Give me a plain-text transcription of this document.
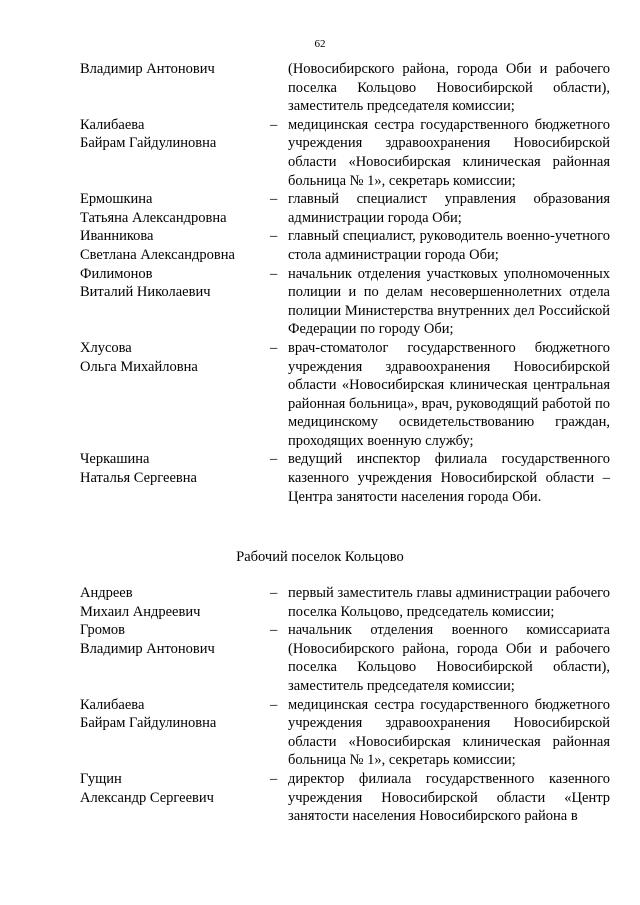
62
Владимир Антонович	(Новосибирского района, города Оби и рабочего поселка Кольцово Новосибирской области), заместитель председателя комиссии;
Калибаева
Байрам Гайдулиновна
– медицинская сестра государственного бюджетного учреждения здравоохранения Новосибирской области «Новосибирская клиническая районная больница № 1», секретарь комиссии;
Ермошкина
Татьяна Александровна
– главный специалист управления образования администрации города Оби;
Иванникова
Светлана Александровна
– главный специалист, руководитель военно-учетного стола администрации города Оби;
Филимонов
Виталий Николаевич
– начальник отделения участковых уполномоченных полиции и по делам несовершеннолетних отдела полиции Министерства внутренних дел Российской Федерации по городу Оби;
Хлусова
Ольга Михайловна
– врач-стоматолог государственного бюджетного учреждения здравоохранения Новосибирской области «Новосибирская клиническая центральная районная больница», врач, руководящий работой по медицинскому освидетельствованию граждан, проходящих военную службу;
Черкашина
Наталья Сергеевна
– ведущий инспектор филиала государственного казенного учреждения Новосибирской области – Центра занятости населения города Оби.
Рабочий поселок Кольцово
Андреев
Михаил Андреевич
– первый заместитель главы администрации рабочего поселка Кольцово, председатель комиссии;
Громов
Владимир Антонович
– начальник отделения военного комиссариата (Новосибирского района, города Оби и рабочего поселка Кольцово Новосибирской области), заместитель председателя комиссии;
Калибаева
Байрам Гайдулиновна
– медицинская сестра государственного бюджетного учреждения здравоохранения Новосибирской области «Новосибирская клиническая районная больница № 1», секретарь комиссии;
Гущин
Александр Сергеевич
– директор филиала государственного казенного учреждения Новосибирской области «Центр занятости населения Новосибирского района в
